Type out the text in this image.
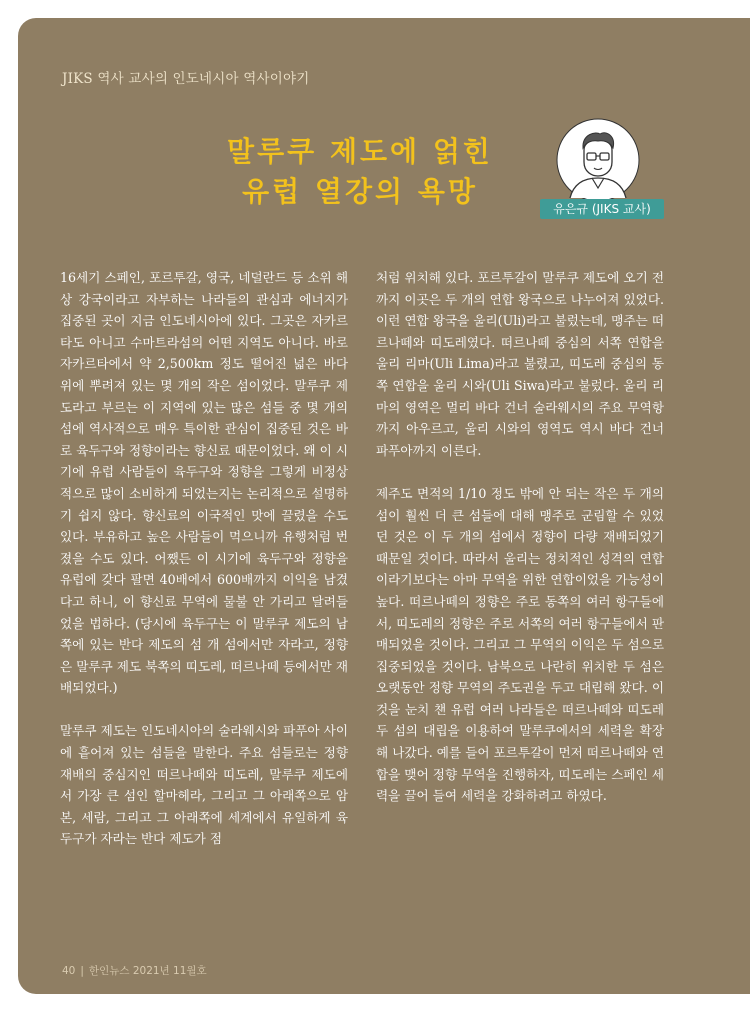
JIKS 역사 교사의 인도네시아 역사이야기
말루쿠 제도에 얽힌
유럽 열강의 욕망
유은규 (JIKS 교사)

16세기 스페인, 포르투갈, 영국, 네덜란드 등 소위 해상 강국이라고 자부하는 나라들의 관심과 에너지가 집중된 곳이 지금 인도네시아에 있다. 그곳은 자카르타도 아니고 수마트라섬의 어떤 지역도 아니다. 바로 자카르타에서 약 2,500km 정도 떨어진 넓은 바다 위에 뿌려져 있는 몇 개의 작은 섬이었다. 말루쿠 제도라고 부르는 이 지역에 있는 많은 섬들 중 몇 개의 섬에 역사적으로 매우 특이한 관심이 집중된 것은 바로 육두구와 정향이라는 향신료 때문이었다. 왜 이 시기에 유럽 사람들이 육두구와 정향을 그렇게 비정상적으로 많이 소비하게 되었는지는 논리적으로 설명하기 쉽지 않다. 향신료의 이국적인 맛에 끌렸을 수도 있다. 부유하고 높은 사람들이 먹으니까 유행처럼 번졌을 수도 있다. 어쨌든 이 시기에 육두구와 정향을 유럽에 갖다 팔면 40배에서 600배까지 이익을 남겼다고 하니, 이 향신료 무역에 물불 안 가리고 달려들었을 법하다. (당시에 육두구는 이 말루쿠 제도의 남쪽에 있는 반다 제도의 섬 개 섬에서만 자라고, 정향은 말루쿠 제도 북쪽의 띠도레, 떠르나떼 등에서만 재배되었다.)

말루쿠 제도는 인도네시아의 술라웨시와 파푸아 사이에 흩어져 있는 섬들을 말한다. 주요 섬들로는 정향 재배의 중심지인 떠르나떼와 띠도레, 말루쿠 제도에서 가장 큰 섬인 할마헤라, 그리고 그 아래쪽으로 암본, 세람, 그리고 그 아래쪽에 세계에서 유일하게 육두구가 자라는 반다 제도가 점

처럼 위치해 있다. 포르투갈이 말루쿠 제도에 오기 전까지 이곳은 두 개의 연합 왕국으로 나누어져 있었다. 이런 연합 왕국을 울리(Uli)라고 불렀는데, 맹주는 떠르나떼와 띠도레였다. 떠르나떼 중심의 서쪽 연합을 울리 리마(Uli Lima)라고 불렸고, 띠도레 중심의 동쪽 연합을 울리 시와(Uli Siwa)라고 불렀다. 울리 리마의 영역은 멀리 바다 건너 술라웨시의 주요 무역항까지 아우르고, 울리 시와의 영역도 역시 바다 건너 파푸아까지 이른다.

제주도 면적의 1/10 정도 밖에 안 되는 작은 두 개의 섬이 훨씬 더 큰 섬들에 대해 맹주로 군림할 수 있었던 것은 이 두 개의 섬에서 정향이 다량 재배되었기 때문일 것이다. 따라서 울리는 정치적인 성격의 연합이라기보다는 아마 무역을 위한 연합이었을 가능성이 높다. 떠르나떼의 정향은 주로 동쪽의 여러 항구들에서, 띠도레의 정향은 주로 서쪽의 여러 항구들에서 판매되었을 것이다. 그리고 그 무역의 이익은 두 섬으로 집중되었을 것이다. 남북으로 나란히 위치한 두 섬은 오랫동안 정향 무역의 주도권을 두고 대립해 왔다. 이것을 눈치 챈 유럽 여러 나라들은 떠르나떼와 띠도레 두 섬의 대립을 이용하여 말루쿠에서의 세력을 확장해 나갔다. 예를 들어 포르투갈이 먼저 떠르나떼와 연합을 맺어 정향 무역을 진행하자, 띠도레는 스페인 세력을 끌어 들여 세력을 강화하려고 하였다.

40 | 한인뉴스 2021년 11월호
